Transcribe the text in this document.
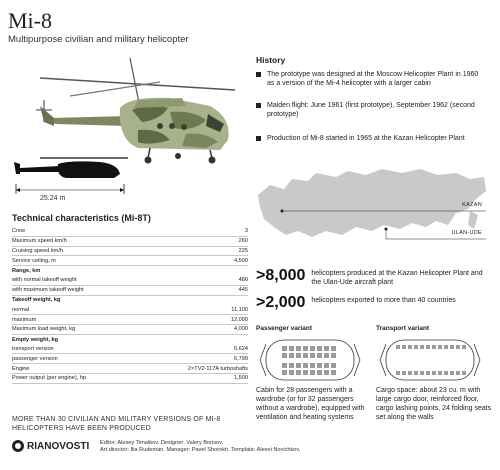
Mi-8
Multipurpose civilian and military helicopter
25.24 m
Technical characteristics (Mi-8T)
Crew	3
Maximum speed km/h	260
Cruising speed km/h	225
Service ceiling, m	4,500
Range, km
with normal takeoff weight	480
with maximum takeoff weight	445
Takeoff weight, kg
normal	11,100
maximum	12,000
Maximum load weight, kg	4,000
Empty weight, kg
transport version	6,624
passenger version	6,799
Engine	2×TV2-117A turboshafts
Power output (per engine), hp	1,500
MORE THAN 30 CIVILIAN AND MILITARY VERSIONS OF MI-8 HELICOPTERS HAVE BEEN PRODUCED
RIANOVOSTI Editor: Alexey Timatkov. Designer: Valery Borisov.
Art director: Ilia Rudeman. Manager: Pavel Shorokh. Template: Alexei Novichkov.
History
The prototype was designed at the Moscow Helicopter Plant in 1960 as a version of the Mi-4 helicopter with a larger cabin
Maiden flight: June 1961 (first prototype), September 1962 (second prototype)
Production of Mi-8 started in 1965 at the Kazan Helicopter Plant
KAZAN
ULAN-UDE
>8,000 helicopters produced at the Kazan Helicopter Plant and the Ulan-Ude aircraft plant
>2,000 helicopters exported to more than 40 countries
Passenger variant	Transport variant
Cabin for 28 passengers with a wardrobe (or for 32 passengers without a wardrobe), equipped with ventilation and heating systems
Cargo space: about 23 cu. m with large cargo door, reinforced floor, cargo lashing points, 24 folding seats set along the walls
